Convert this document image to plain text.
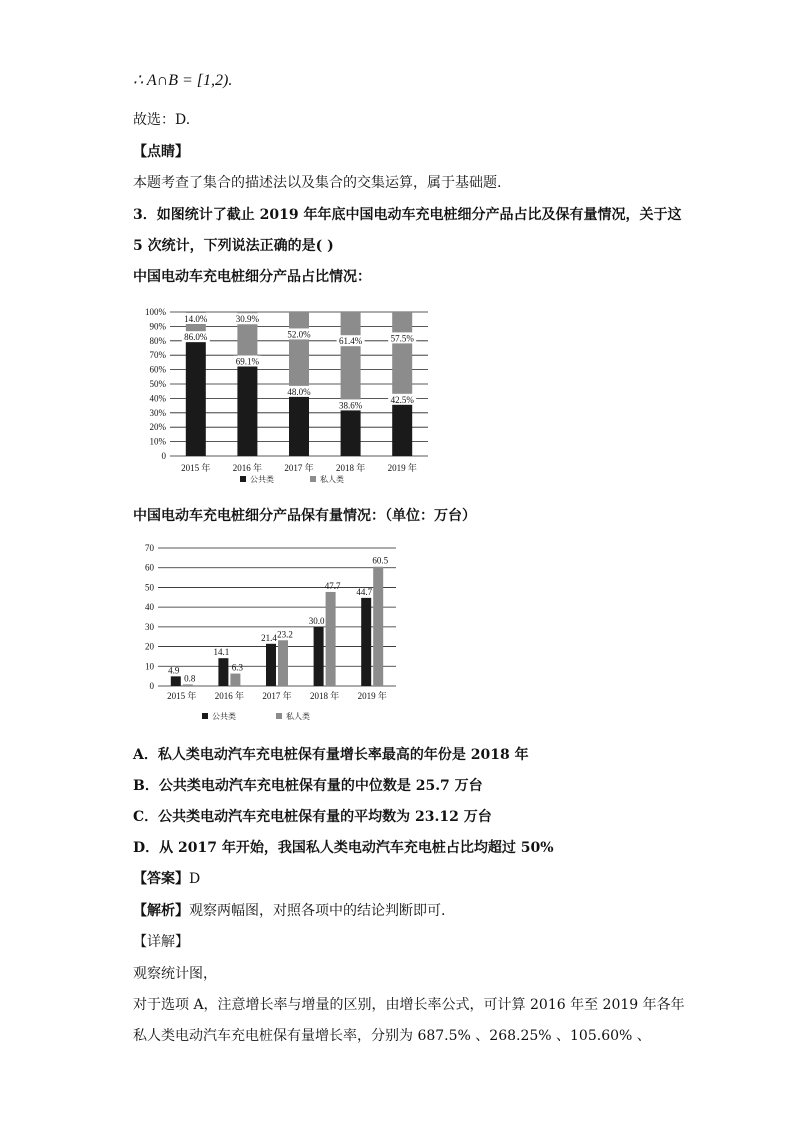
∴ A∩B = [1,2).
故选：D.
【点睛】
本题考查了集合的描述法以及集合的交集运算，属于基础题.
3．如图统计了截止 2019 年年底中国电动车充电桩细分产品占比及保有量情况，关于这
5 次统计，下列说法正确的是( )
中国电动车充电桩细分产品占比情况：
0
10%
20%
30%
40%
50%
60%
70%
80%
90%
100%
86.0%
14.0%
2015 年
69.1%
30.9%
2016 年
48.0%
52.0%
2017 年
38.6%
61.4%
2018 年
42.5%
57.5%
2019 年
公共类	私人类
中国电动车充电桩细分产品保有量情况：（单位：万台）
0
10
20
30
40
50
60
70
4.9
0.8
2015 年
14.1
6.3
2016 年
21.4 23.2
2017 年
30.0
47.7
2018 年
44.7
60.5
2019 年
公共类	私人类
A．私人类电动汽车充电桩保有量增长率最高的年份是 2018 年
B．公共类电动汽车充电桩保有量的中位数是 25.7 万台
C．公共类电动汽车充电桩保有量的平均数为 23.12 万台
D．从 2017 年开始，我国私人类电动汽车充电桩占比均超过 50%
【答案】D
【解析】观察两幅图，对照各项中的结论判断即可.
【详解】
观察统计图，
对于选项 A，注意增长率与增量的区别，由增长率公式，可计算 2016 年至 2019 年各年
私人类电动汽车充电桩保有量增长率，分别为 687.5% 、268.25% 、105.60% 、
